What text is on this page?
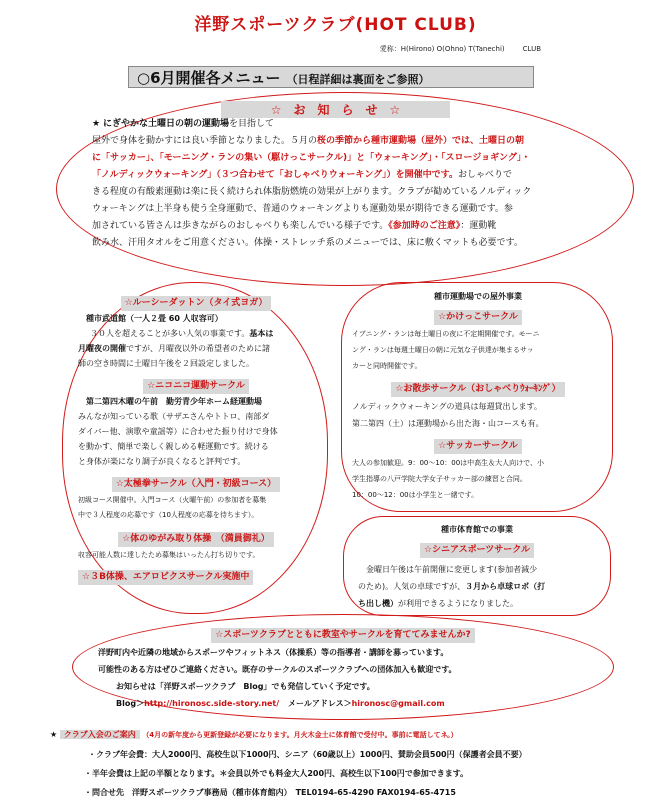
洋野スポーツクラブ(HOT CLUB)
愛称：H(Hirono) O(Ohno) T(Tanechi)	CLUB
○6月開催各メニュー （日程詳細は裏面をご参照）
☆　お　知　ら　せ　☆

★ にぎやかな土曜日の朝の運動場を目指して

屋外で身体を動かすには良い季節となりました。５月の桜の季節から種市運動場（屋外）では、土曜日の朝

に「サッカー」、「モーニング・ランの集い（駆けっこサークル)」と「ウォーキング」・「スロージョギング」・

「ノルディックウォーキング」（３つ合わせて「おしゃべりウォーキング」）を開催中です。おしゃべりで

きる程度の有酸素運動は楽に長く続けられ体脂肪燃焼の効果が上がります。クラブが勧めているノルディック

ウォーキングは上半身も使う全身運動で、普通のウォーキングよりも運動効果が期待できる運動です。参

加されている皆さんは歩きながらのおしゃべりも楽しんでいる様子です。《参加時のご注意》：運動靴

飲み水、汗用タオルをご用意ください。体操・ストレッチ系のメニューでは、床に敷くマットも必要です。

☆ルーシーダットン（タイ式ヨガ）

種市武道館（一人２畳 60 人収容可）

３０人を超えることが多い人気の事業です。基本は

月曜夜の開催ですが、月曜夜以外の希望者のために諸

師の空き時間に土曜日午後を２回設定しました。

☆ニコニコ運動サークル

第二第四木曜の午前　勤労青少年ホーム経運動場

みんなが知っている歌（サザエさんやトトロ、南部ダ

ダイバー他、演歌や童謡等）に合わせた振り付けで身体

を動かす、簡単で楽しく親しめる軽運動です。続ける

と身体が楽になり調子が良くなると評判です。

☆太極拳サークル（入門・初級コース）

初級コース開催中。入門コース（火曜午前）の参加者を募集

中で３人程度の応募です（10人程度の応募を待ちます）。

☆体のゆがみ取り体操　（満員御礼）

収容可能人数に達したため募集はいったん打ち切りです。

☆３B体操、エアロビクスサークル実施中

種市運動場での屋外事業

☆かけっこサークル

イブニング・ランは毎土曜日の夜に不定期開催です。モーニ

ング・ランは毎週土曜日の朝に元気な子供達が集まるサッ

カーと同時開催です。

☆お散歩サークル（おしゃべりｳｫｰｷﾝｸﾞ）

ノルディックウォーキングの道具は毎週貸出します。

第二第四（土）は運動場から出た海・山コースも有。

☆サッカーサークル

大人の参加歓迎。9：00～10：00は中高生＆大人向けで、小

学生指導の八戸学院大学女子サッカー部の練習と合同。

10：00～12：00は小学生と一緒です。

種市体育館での事業

☆シニアスポーツサークル

金曜日午後は午前開催に変更します(参加者減少

のため)。人気の卓球ですが、３月から卓球ロボ（打

ち出し機）が利用できるようになりました。

☆スポーツクラブとともに教室やサークルを育ててみませんか?

洋野町内や近隣の地域からスポーツやフィットネス（体操系）等の指導者・講師を募っています。

可能性のある方はぜひご連絡ください。既存のサークルのスポーツクラブへの団体加入も歓迎です。

お知らせは「洋野スポーツクラブ　Blog」でも発信していく予定です。

Blog＞http://hironosc.side-story.net/ メールアドレス＞hironosc@gmail.com

★ クラブ入会のご案内 （4月の新年度から更新登録が必要になります。月火木金土に体育館で受付中。事前に電話してネ。）

・クラブ年会費：大人2000円、高校生以下1000円、シニア（60歳以上）1000円、賛助会員500円（保護者会員不要）

・半年会費は上記の半額となります。＊会員以外でも料金大人200円、高校生以下100円で参加できます。

・問合せ先　洋野スポーツクラブ事務局（種市体育館内）　TEL0194-65-4290 FAX0194-65-4715
